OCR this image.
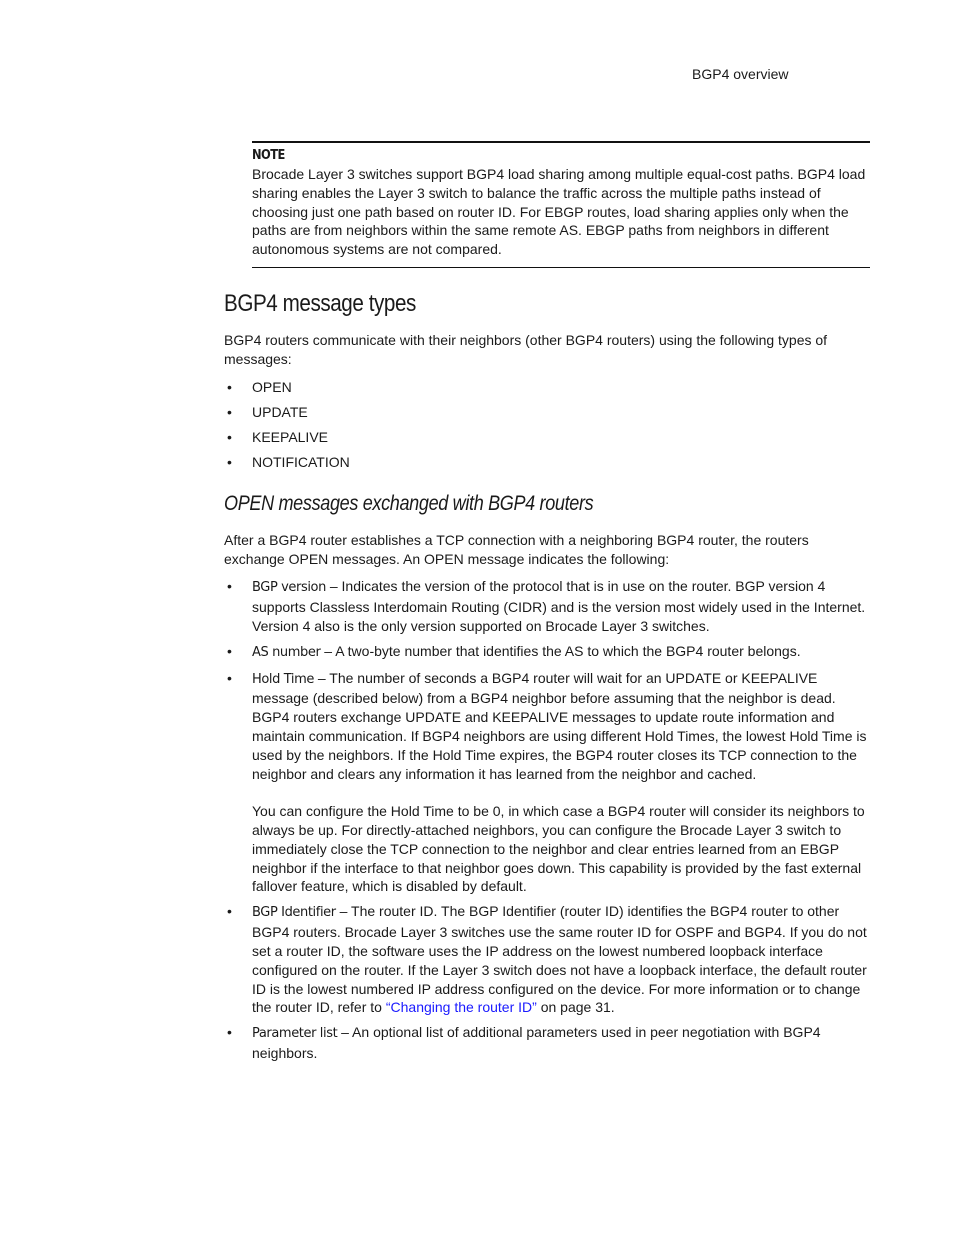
BGP4 overview
NOTE
Brocade Layer 3 switches support BGP4 load sharing among multiple equal-cost paths. BGP4 load sharing enables the Layer 3 switch to balance the traffic across the multiple paths instead of choosing just one path based on router ID. For EBGP routes, load sharing applies only when the paths are from neighbors within the same remote AS. EBGP paths from neighbors in different autonomous systems are not compared.
BGP4 message types

BGP4 routers communicate with their neighbors (other BGP4 routers) using the following types of messages:

• OPEN
• UPDATE
• KEEPALIVE
• NOTIFICATION
OPEN messages exchanged with BGP4 routers

After a BGP4 router establishes a TCP connection with a neighboring BGP4 router, the routers exchange OPEN messages. An OPEN message indicates the following:

• BGP version – Indicates the version of the protocol that is in use on the router. BGP version 4 supports Classless Interdomain Routing (CIDR) and is the version most widely used in the Internet. Version 4 also is the only version supported on Brocade Layer 3 switches.
• AS number – A two-byte number that identifies the AS to which the BGP4 router belongs.
• Hold Time – The number of seconds a BGP4 router will wait for an UPDATE or KEEPALIVE message (described below) from a BGP4 neighbor before assuming that the neighbor is dead. BGP4 routers exchange UPDATE and KEEPALIVE messages to update route information and maintain communication. If BGP4 neighbors are using different Hold Times, the lowest Hold Time is used by the neighbors. If the Hold Time expires, the BGP4 router closes its TCP connection to the neighbor and clears any information it has learned from the neighbor and cached.
You can configure the Hold Time to be 0, in which case a BGP4 router will consider its neighbors to always be up. For directly-attached neighbors, you can configure the Brocade Layer 3 switch to immediately close the TCP connection to the neighbor and clear entries learned from an EBGP neighbor if the interface to that neighbor goes down. This capability is provided by the fast external fallover feature, which is disabled by default.
• BGP Identifier – The router ID. The BGP Identifier (router ID) identifies the BGP4 router to other BGP4 routers. Brocade Layer 3 switches use the same router ID for OSPF and BGP4. If you do not set a router ID, the software uses the IP address on the lowest numbered loopback interface configured on the router. If the Layer 3 switch does not have a loopback interface, the default router ID is the lowest numbered IP address configured on the device. For more information or to change the router ID, refer to “Changing the router ID” on page 31.
• Parameter list – An optional list of additional parameters used in peer negotiation with BGP4 neighbors.
